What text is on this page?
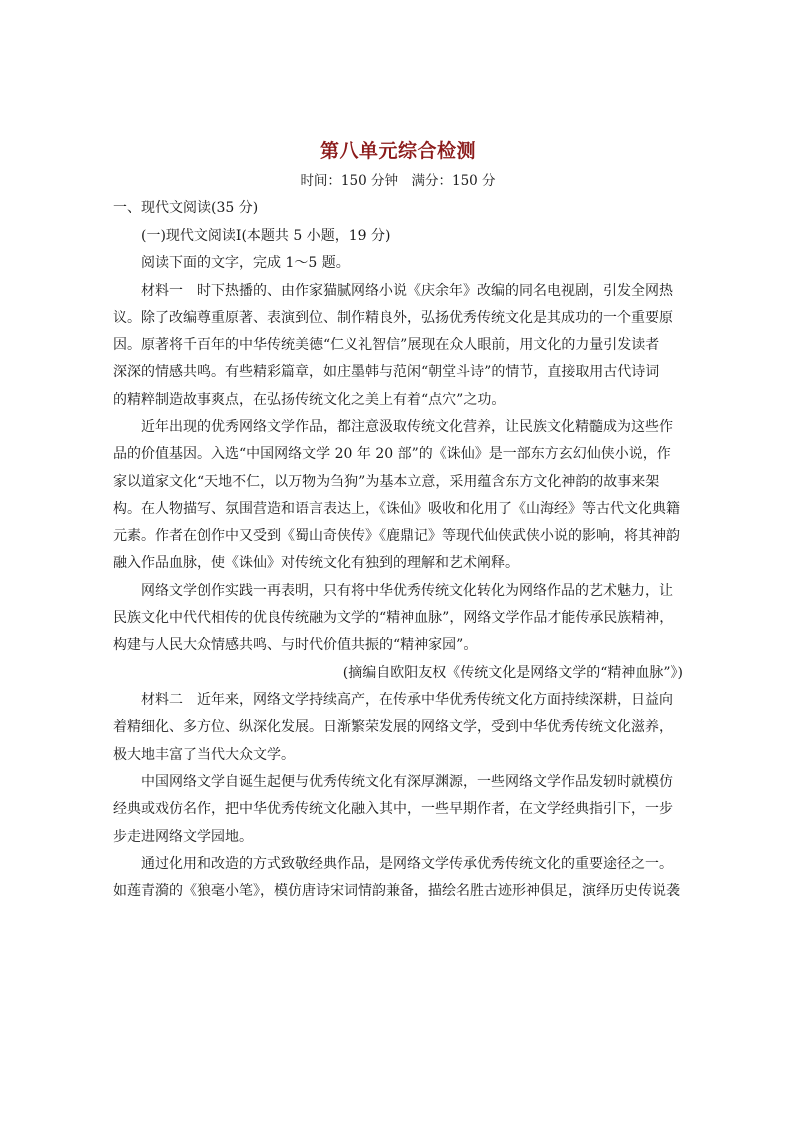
第八单元综合检测

时间：150 分钟　满分：150 分

一、现代文阅读(35 分)

(一)现代文阅读Ⅰ(本题共 5 小题，19 分)

阅读下面的文字，完成 1～5 题。

材料一　时下热播的、由作家猫腻网络小说《庆余年》改编的同名电视剧，引发全网热
议。除了改编尊重原著、表演到位、制作精良外，弘扬优秀传统文化是其成功的一个重要原
因。原著将千百年的中华传统美德“仁义礼智信”展现在众人眼前，用文化的力量引发读者
深深的情感共鸣。有些精彩篇章，如庄墨韩与范闲“朝堂斗诗”的情节，直接取用古代诗词
的精粹制造故事爽点，在弘扬传统文化之美上有着“点穴”之功。

近年出现的优秀网络文学作品，都注意汲取传统文化营养，让民族文化精髓成为这些作
品的价值基因。入选“中国网络文学 20 年 20 部”的《诛仙》是一部东方玄幻仙侠小说，作
家以道家文化“天地不仁，以万物为刍狗”为基本立意，采用蕴含东方文化神韵的故事来架
构。在人物描写、氛围营造和语言表达上，《诛仙》吸收和化用了《山海经》等古代文化典籍
元素。作者在创作中又受到《蜀山奇侠传》《鹿鼎记》等现代仙侠武侠小说的影响，将其神韵
融入作品血脉，使《诛仙》对传统文化有独到的理解和艺术阐释。

网络文学创作实践一再表明，只有将中华优秀传统文化转化为网络作品的艺术魅力，让
民族文化中代代相传的优良传统融为文学的“精神血脉”，网络文学作品才能传承民族精神，
构建与人民大众情感共鸣、与时代价值共振的“精神家园”。

(摘编自欧阳友权《传统文化是网络文学的“精神血脉”》)

材料二　近年来，网络文学持续高产，在传承中华优秀传统文化方面持续深耕，日益向
着精细化、多方位、纵深化发展。日渐繁荣发展的网络文学，受到中华优秀传统文化滋养，
极大地丰富了当代大众文学。

中国网络文学自诞生起便与优秀传统文化有深厚渊源，一些网络文学作品发轫时就模仿
经典或戏仿名作，把中华优秀传统文化融入其中，一些早期作者，在文学经典指引下，一步
步走进网络文学园地。

通过化用和改造的方式致敬经典作品，是网络文学传承优秀传统文化的重要途径之一。
如莲青漪的《狼毫小笔》，模仿唐诗宋词情韵兼备，描绘名胜古迹形神俱足，演绎历史传说袭
